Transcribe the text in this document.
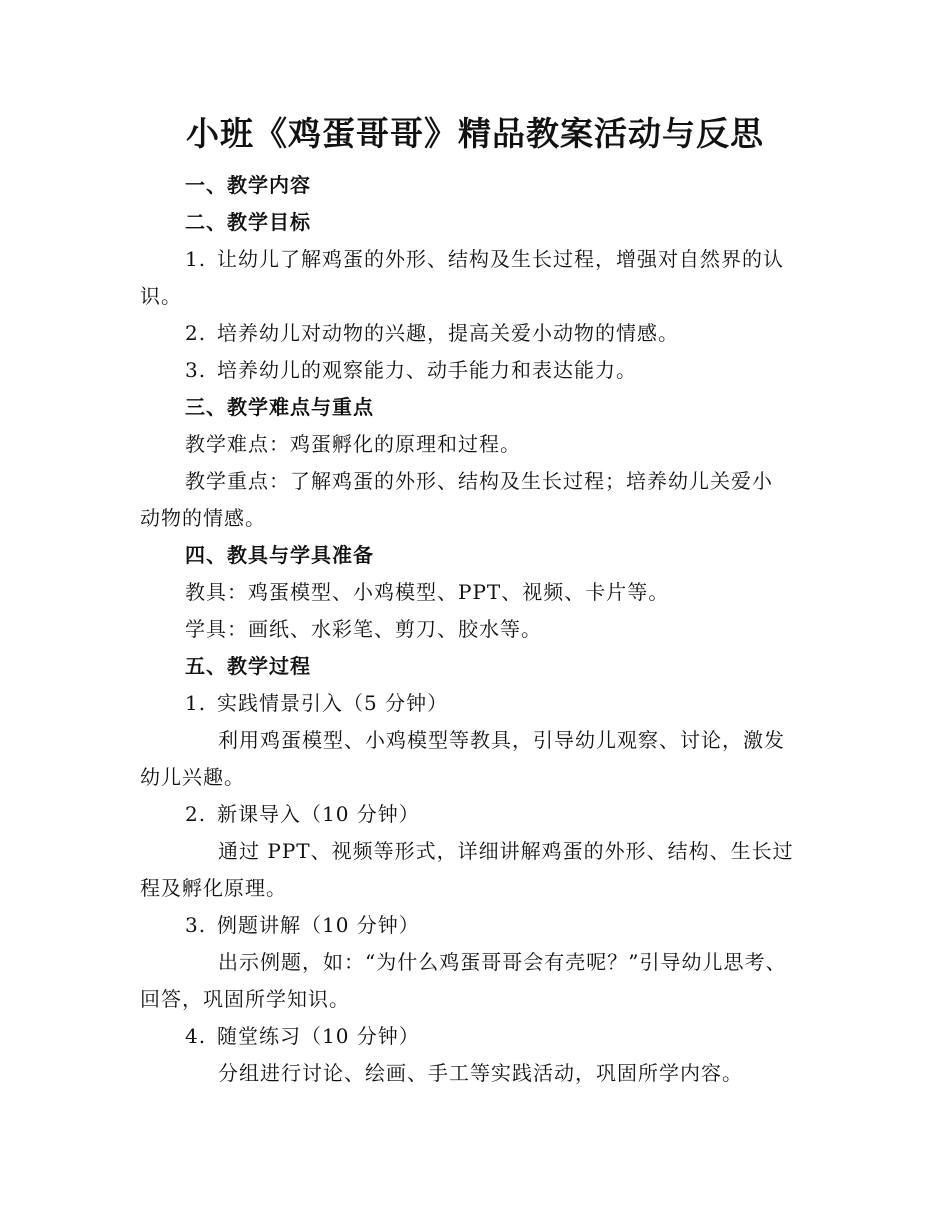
小班《鸡蛋哥哥》精品教案活动与反思
一、教学内容
二、教学目标
1. 让幼儿了解鸡蛋的外形、结构及生长过程，增强对自然界的认
识。
2. 培养幼儿对动物的兴趣，提高关爱小动物的情感。
3. 培养幼儿的观察能力、动手能力和表达能力。
三、教学难点与重点
教学难点：鸡蛋孵化的原理和过程。
教学重点：了解鸡蛋的外形、结构及生长过程；培养幼儿关爱小
动物的情感。
四、教具与学具准备
教具：鸡蛋模型、小鸡模型、PPT、视频、卡片等。
学具：画纸、水彩笔、剪刀、胶水等。
五、教学过程
1. 实践情景引入（5 分钟）
利用鸡蛋模型、小鸡模型等教具，引导幼儿观察、讨论，激发
幼儿兴趣。
2. 新课导入（10 分钟）
通过 PPT、视频等形式，详细讲解鸡蛋的外形、结构、生长过
程及孵化原理。
3. 例题讲解（10 分钟）
出示例题，如：“为什么鸡蛋哥哥会有壳呢？”引导幼儿思考、
回答，巩固所学知识。
4. 随堂练习（10 分钟）
分组进行讨论、绘画、手工等实践活动，巩固所学内容。
